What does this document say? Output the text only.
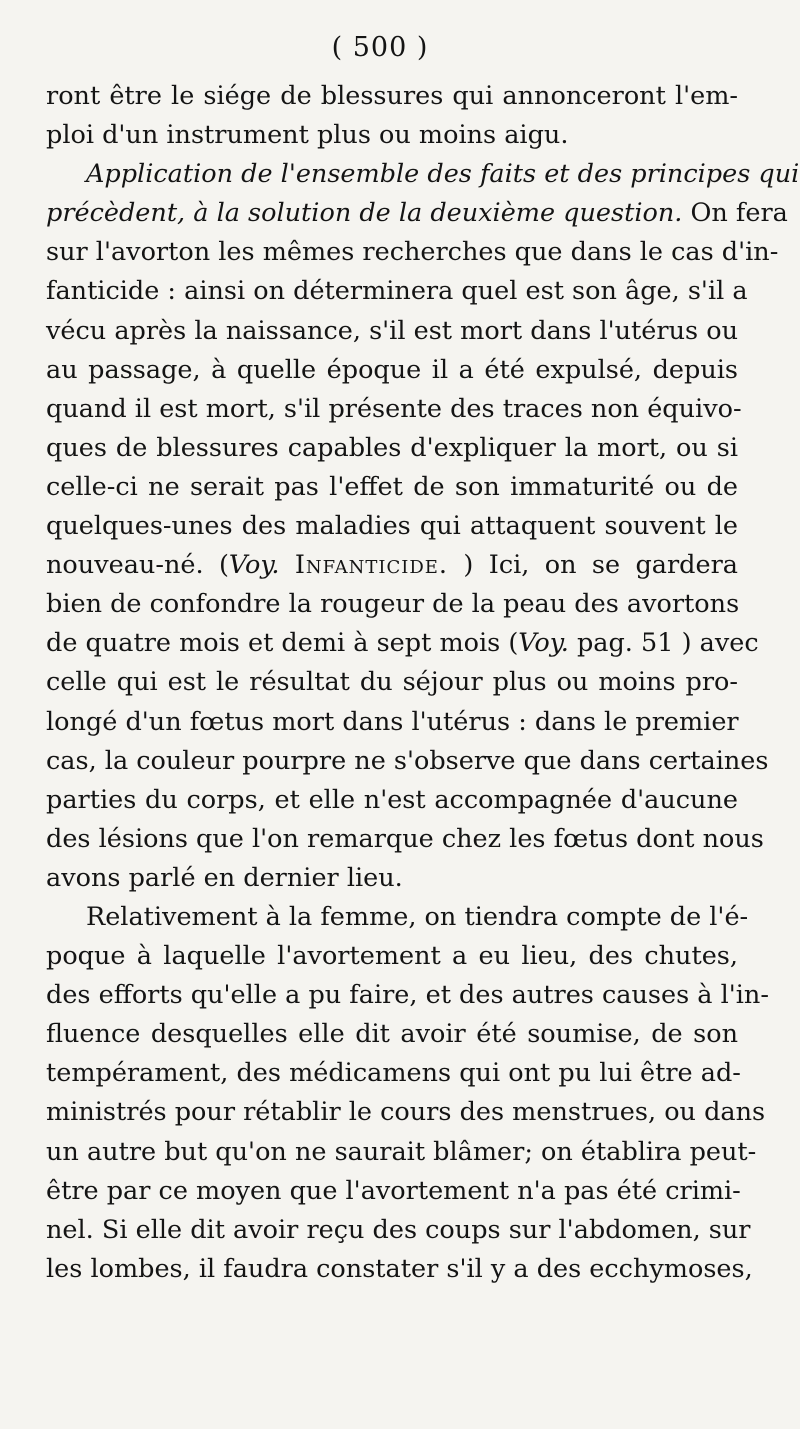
( 500 )
ront être le siége de blessures qui annonceront l'em-
ploi d'un instrument plus ou moins aigu.
Application de l'ensemble des faits et des principes qui
précèdent, à la solution de la deuxième question. On fera
sur l'avorton les mêmes recherches que dans le cas d'in-
fanticide : ainsi on déterminera quel est son âge, s'il a
vécu après la naissance, s'il est mort dans l'utérus ou
au passage, à quelle époque il a été expulsé, depuis
quand il est mort, s'il présente des traces non équivo-
ques de blessures capables d'expliquer la mort, ou si
celle-ci ne serait pas l'effet de son immaturité ou de
quelques-unes des maladies qui attaquent souvent le
nouveau-né. (Voy. Infanticide. ) Ici, on se gardera
bien de confondre la rougeur de la peau des avortons
de quatre mois et demi à sept mois (Voy. pag. 51 ) avec
celle qui est le résultat du séjour plus ou moins pro-
longé d'un fœtus mort dans l'utérus : dans le premier
cas, la couleur pourpre ne s'observe que dans certaines
parties du corps, et elle n'est accompagnée d'aucune
des lésions que l'on remarque chez les fœtus dont nous
avons parlé en dernier lieu.
Relativement à la femme, on tiendra compte de l'é-
poque à laquelle l'avortement a eu lieu, des chutes,
des efforts qu'elle a pu faire, et des autres causes à l'in-
fluence desquelles elle dit avoir été soumise, de son
tempérament, des médicamens qui ont pu lui être ad-
ministrés pour rétablir le cours des menstrues, ou dans
un autre but qu'on ne saurait blâmer; on établira peut-
être par ce moyen que l'avortement n'a pas été crimi-
nel. Si elle dit avoir reçu des coups sur l'abdomen, sur
les lombes, il faudra constater s'il y a des ecchymoses,
